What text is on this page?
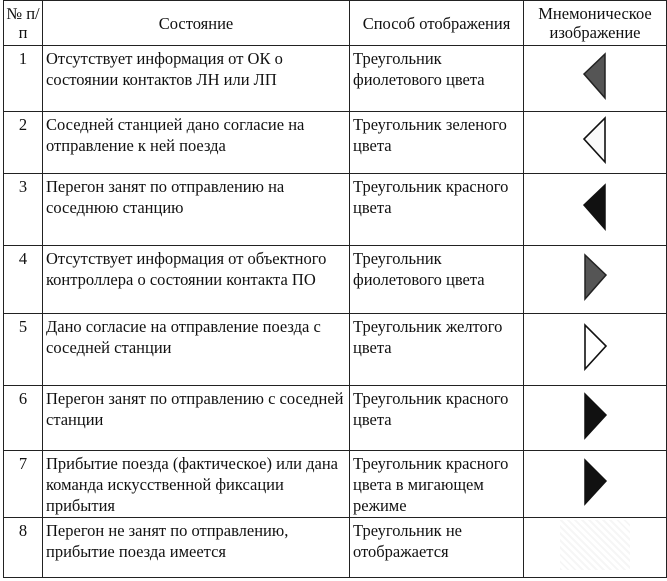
№ п/п	Состояние	Способ отображения	Мнемоническое изображение
1	Отсутствует информация от ОК о состоянии контактов ЛН или ЛП	Треугольник фиолетового цвета	
2	Соседней станцией дано согласие на отправление к ней поезда	Треугольник зеленого цвета	
3	Перегон занят по отправлению на соседнюю станцию	Треугольник красного цвета	
4	Отсутствует информация от объектного контроллера о состоянии контакта ПО	Треугольник фиолетового цвета	
5	Дано согласие на отправление поезда с соседней станции	Треугольник желтого цвета	
6	Перегон занят по отправлению с соседней станции	Треугольник красного цвета	
7	Прибытие поезда (фактическое) или дана команда искусственной фиксации прибытия	Треугольник красного цвета в мигающем режиме	
8	Перегон не занят по отправлению, прибытие поезда имеется	Треугольник не отображается	
